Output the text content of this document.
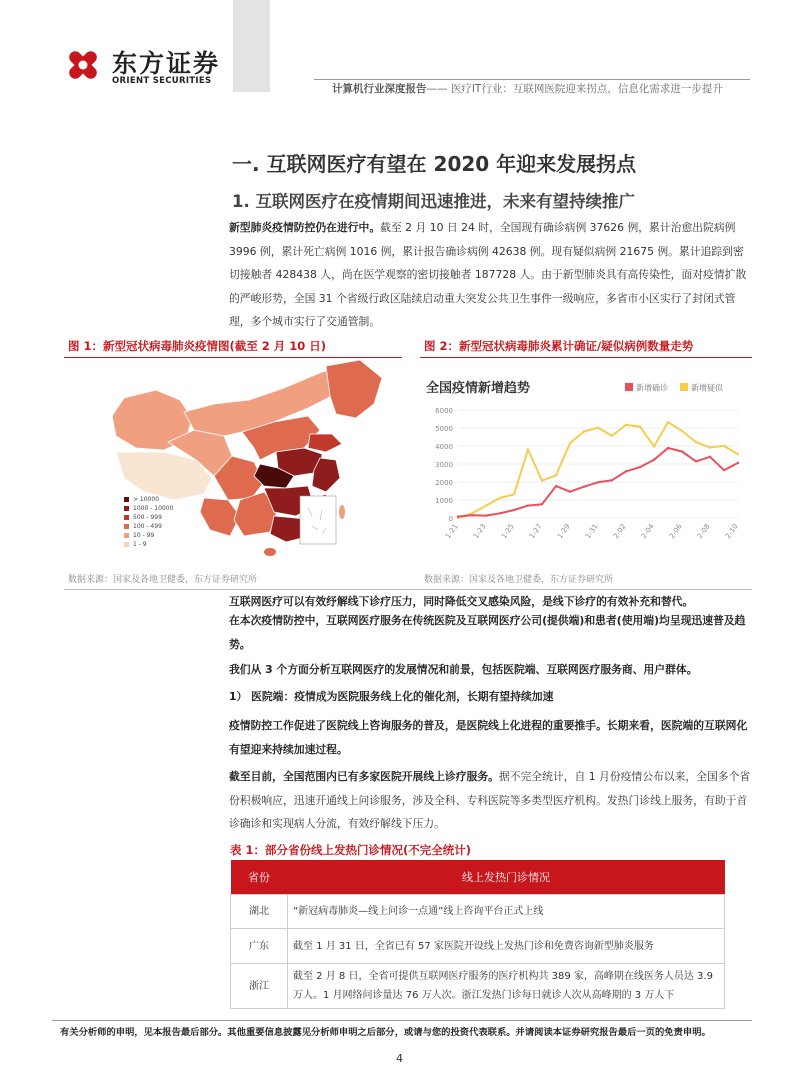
东方证券
ORIENT SECURITIES
计算机行业深度报告—— 医疗IT行业：互联网医院迎来拐点，信息化需求进一步提升
一. 互联网医疗有望在 2020 年迎来发展拐点
1. 互联网医疗在疫情期间迅速推进，未来有望持续推广
新型肺炎疫情防控仍在进行中。截至 2 月 10 日 24 时，全国现有确诊病例 37626 例，累计治愈出院病例 3996 例，累计死亡病例 1016 例，累计报告确诊病例 42638 例。现有疑似病例 21675 例。累计追踪到密切接触者 428438 人，尚在医学观察的密切接触者 187728 人。由于新型肺炎具有高传染性，面对疫情扩散的严峻形势，全国 31 个省级行政区陆续启动重大突发公共卫生事件一级响应，多省市小区实行了封闭式管理，多个城市实行了交通管制。
图 1：新型冠状病毒肺炎疫情图(截至 2 月 10 日)
> 10000
1000 - 10000
500 - 999
100 - 499
10 - 99
1 - 9
数据来源：国家及各地卫健委，东方证券研究所
图 2：新型冠状病毒肺炎累计确证/疑似病例数量走势
全国疫情新增趋势	新增确诊	新增疑似
0
1000
2000
3000
4000
5000
6000
1-21 1-23 1-25 1-27 1-29 1-31 2-02 2-04 2-06 2-08 2-10
数据来源：国家及各地卫健委，东方证券研究所
互联网医疗可以有效纾解线下诊疗压力，同时降低交叉感染风险，是线下诊疗的有效补充和替代。
在本次疫情防控中，互联网医疗服务在传统医院及互联网医疗公司(提供端)和患者(使用端)均呈现迅速普及趋势。
我们从 3 个方面分析互联网医疗的发展情况和前景，包括医院端、互联网医疗服务商、用户群体。
1） 医院端：疫情成为医院服务线上化的催化剂，长期有望持续加速
疫情防控工作促进了医院线上咨询服务的普及，是医院线上化进程的重要推手。长期来看，医院端的互联网化有望迎来持续加速过程。
截至目前，全国范围内已有多家医院开展线上诊疗服务。据不完全统计，自 1 月份疫情公布以来，全国多个省份积极响应，迅速开通线上问诊服务，涉及全科、专科医院等多类型医疗机构。发热门诊线上服务，有助于首诊确诊和实现病人分流，有效纾解线下压力。
表 1：部分省份线上发热门诊情况(不完全统计)
省份	线上发热门诊情况
湖北	“新冠病毒肺炎—线上问诊一点通”线上咨询平台正式上线
广东	截至 1 月 31 日，全省已有 57 家医院开设线上发热门诊和免费咨询新型肺炎服务
浙江	截至 2 月 8 日，全省可提供互联网医疗服务的医疗机构共 389 家，高峰期在线医务人员达 3.9 万人。1 月网络问诊量达 76 万人次。浙江发热门诊每日就诊人次从高峰期的 3 万人下
有关分析师的申明，见本报告最后部分。其他重要信息披露见分析师申明之后部分，或请与您的投资代表联系。并请阅读本证券研究报告最后一页的免责申明。
4
